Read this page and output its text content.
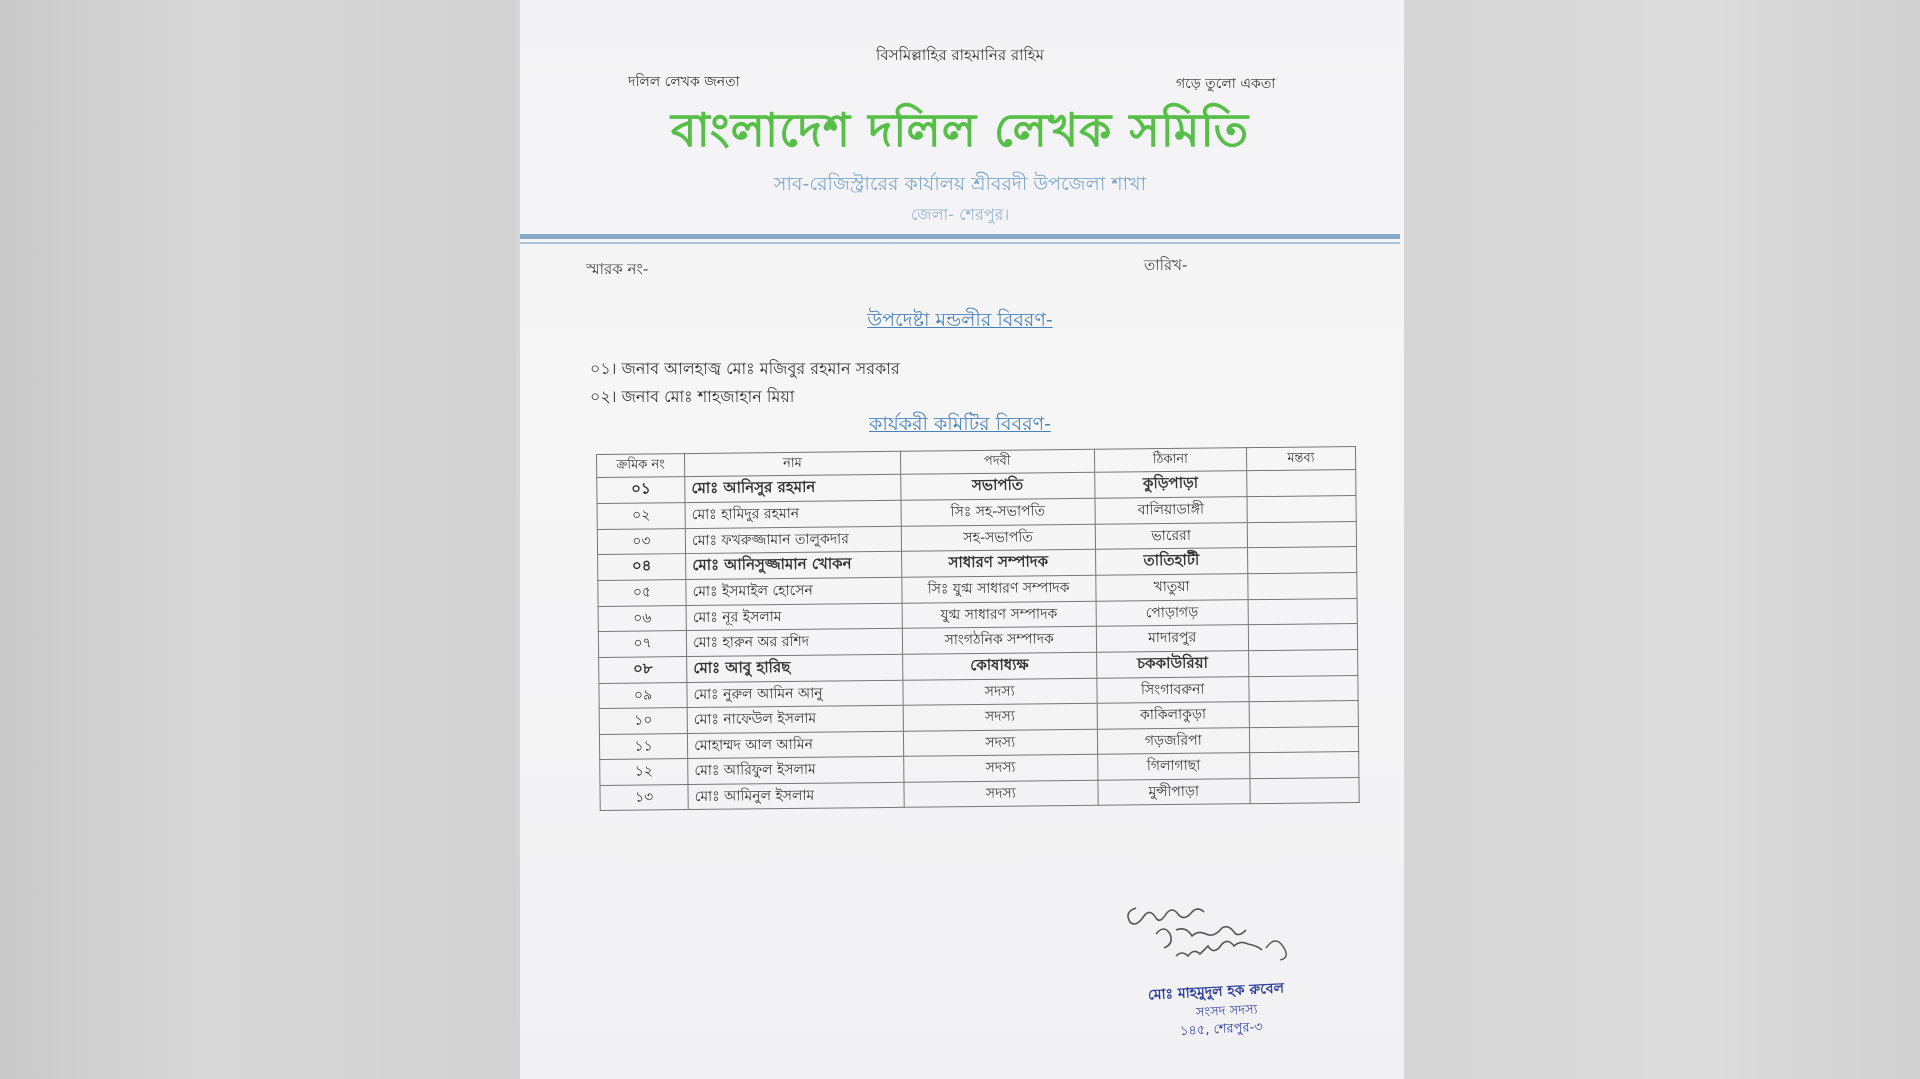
বিসমিল্লাহির রাহমানির রাহিম
দলিল লেখক জনতা	গড়ে তুলো একতা
বাংলাদেশ দলিল লেখক সমিতি
সাব-রেজিস্ট্রারের কার্যালয় শ্রীবরদী উপজেলা শাখা
জেলা- শেরপুর।
স্মারক নং-	তারিখ-
উপদেষ্টা মন্ডলীর বিবরণ-
০১। জনাব আলহাজ্ব মোঃ মজিবুর রহমান সরকার
০২। জনাব মোঃ শাহজাহান মিয়া
কার্যকরী কমিটির বিবরণ-
ক্রমিক নং	নাম	পদবী	ঠিকানা	মন্তব্য
০১	মোঃ আনিসুর রহমান	সভাপতি	কুড়িপাড়া	
০২	মোঃ হামিদুর রহমান	সিঃ সহ-সভাপতি	বালিয়াডাঙ্গী	
০৩	মোঃ ফখরুজ্জামান তালুকদার	সহ-সভাপতি	ভারেরা	
০৪	মোঃ আনিসুজ্জামান খোকন	সাধারণ সম্পাদক	তাতিহাটী	
০৫	মোঃ ইসমাইল হোসেন	সিঃ যুগ্ম সাধারণ সম্পাদক	খাতুয়া	
০৬	মোঃ নূর ইসলাম	যুগ্ম সাধারণ সম্পাদক	পোড়াগড়	
০৭	মোঃ হারুন অর রশিদ	সাংগঠনিক সম্পাদক	মাদারপুর	
০৮	মোঃ আবু হারিছ	কোষাধ্যক্ষ	চককাউরিয়া	
০৯	মোঃ নুরুল আমিন আনু	সদস্য	সিংগাবরুনা	
১০	মোঃ নাফেউল ইসলাম	সদস্য	কাকিলাকুড়া	
১১	মোহাম্মদ আল আমিন	সদস্য	গড়জরিপা	
১২	মোঃ আরিফুল ইসলাম	সদস্য	গিলাগাছা	
১৩	মোঃ আমিনুল ইসলাম	সদস্য	মুন্সীপাড়া	
মোঃ মাহমুদুল হক রুবেল
সংসদ সদস্য
১৪৫, শেরপুর-৩
